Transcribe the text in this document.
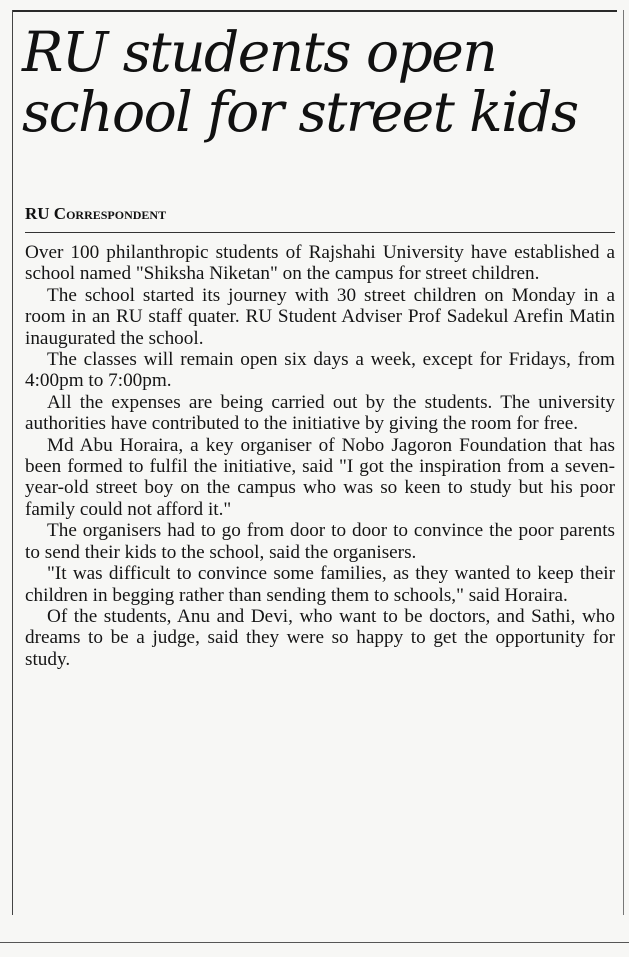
RU students open school for street kids
RU Correspondent

Over 100 philanthropic students of Rajshahi University have established a school named "Shiksha Niketan" on the campus for street children.

The school started its journey with 30 street children on Monday in a room in an RU staff quater. RU Student Adviser Prof Sadekul Arefin Matin inaugurated the school.

The classes will remain open six days a week, except for Fridays, from 4:00pm to 7:00pm.

All the expenses are being carried out by the students. The university authorities have contributed to the initiative by giving the room for free.

Md Abu Horaira, a key organiser of Nobo Jagoron Foundation that has been formed to fulfil the initiative, said "I got the inspiration from a seven-year-old street boy on the campus who was so keen to study but his poor family could not afford it."

The organisers had to go from door to door to convince the poor parents to send their kids to the school, said the organisers.

"It was difficult to convince some families, as they wanted to keep their children in begging rather than sending them to schools," said Horaira.

Of the students, Anu and Devi, who want to be doctors, and Sathi, who dreams to be a judge, said they were so happy to get the opportunity for study.
